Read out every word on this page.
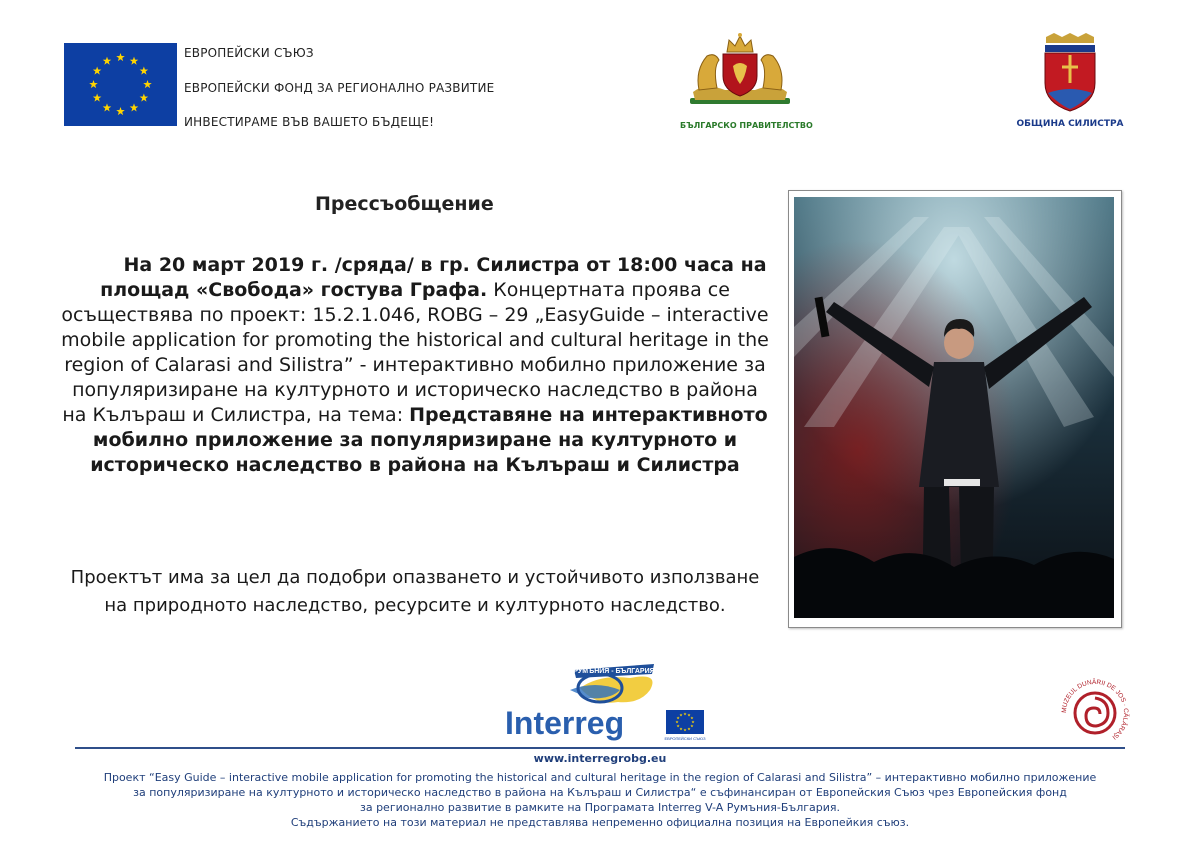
ЕВРОПЕЙСКИ СЪЮЗ
ЕВРОПЕЙСКИ ФОНД ЗА РЕГИОНАЛНО РАЗВИТИЕ
ИНВЕСТИРАМЕ ВЪВ ВАШЕТО БЪДЕЩЕ!	БЪЛГАРСКО ПРАВИТЕЛСТВО	ОБЩИНА СИЛИСТРА
Прессъобщение
На 20 март 2019 г. /сряда/ в гр. Силистра от 18:00 часа на площад «Свобода» гостува Графа. Концертната проява се осъществява по проект: 15.2.1.046, ROBG – 29 „EasyGuide – interactive mobile application for promoting the historical and cultural heritage in the region of Calarasi and Silistra” - интерактивно мобилно приложение за популяризиране на културното и историческо наследство в района на Кълъраш и Силистра, на тема: Представяне на интерактивното мобилно приложение за популяризиране на културното и историческо наследство в района на Кълъраш и Силистра
Проектът има за цел да подобри опазването и устойчивото използване на природното наследство, ресурсите и културното наследство.
РУМЪНИЯ - БЪЛГАРИЯ
Interreg	ЕВРОПЕЙСКИ СЪЮЗ
MUZEUL DUNĂRII DE JOS · CĂLĂRAȘI
www.interregrobg.eu
Проект “Easy Guide – interactive mobile application for promoting the historical and cultural heritage in the region of Calarasi and Silistra” – интерактивно мобилно приложение
за популяризиране на културното и историческо наследство в района на Кълъраш и Силистра“ е съфинансиран от Европейския Съюз чрез Европейския фонд
за регионално развитие в рамките на Програмата Interreg V-A Румъния-България.
Съдържанието на този материал не представлява непременно официална позиция на Европейкия съюз.
